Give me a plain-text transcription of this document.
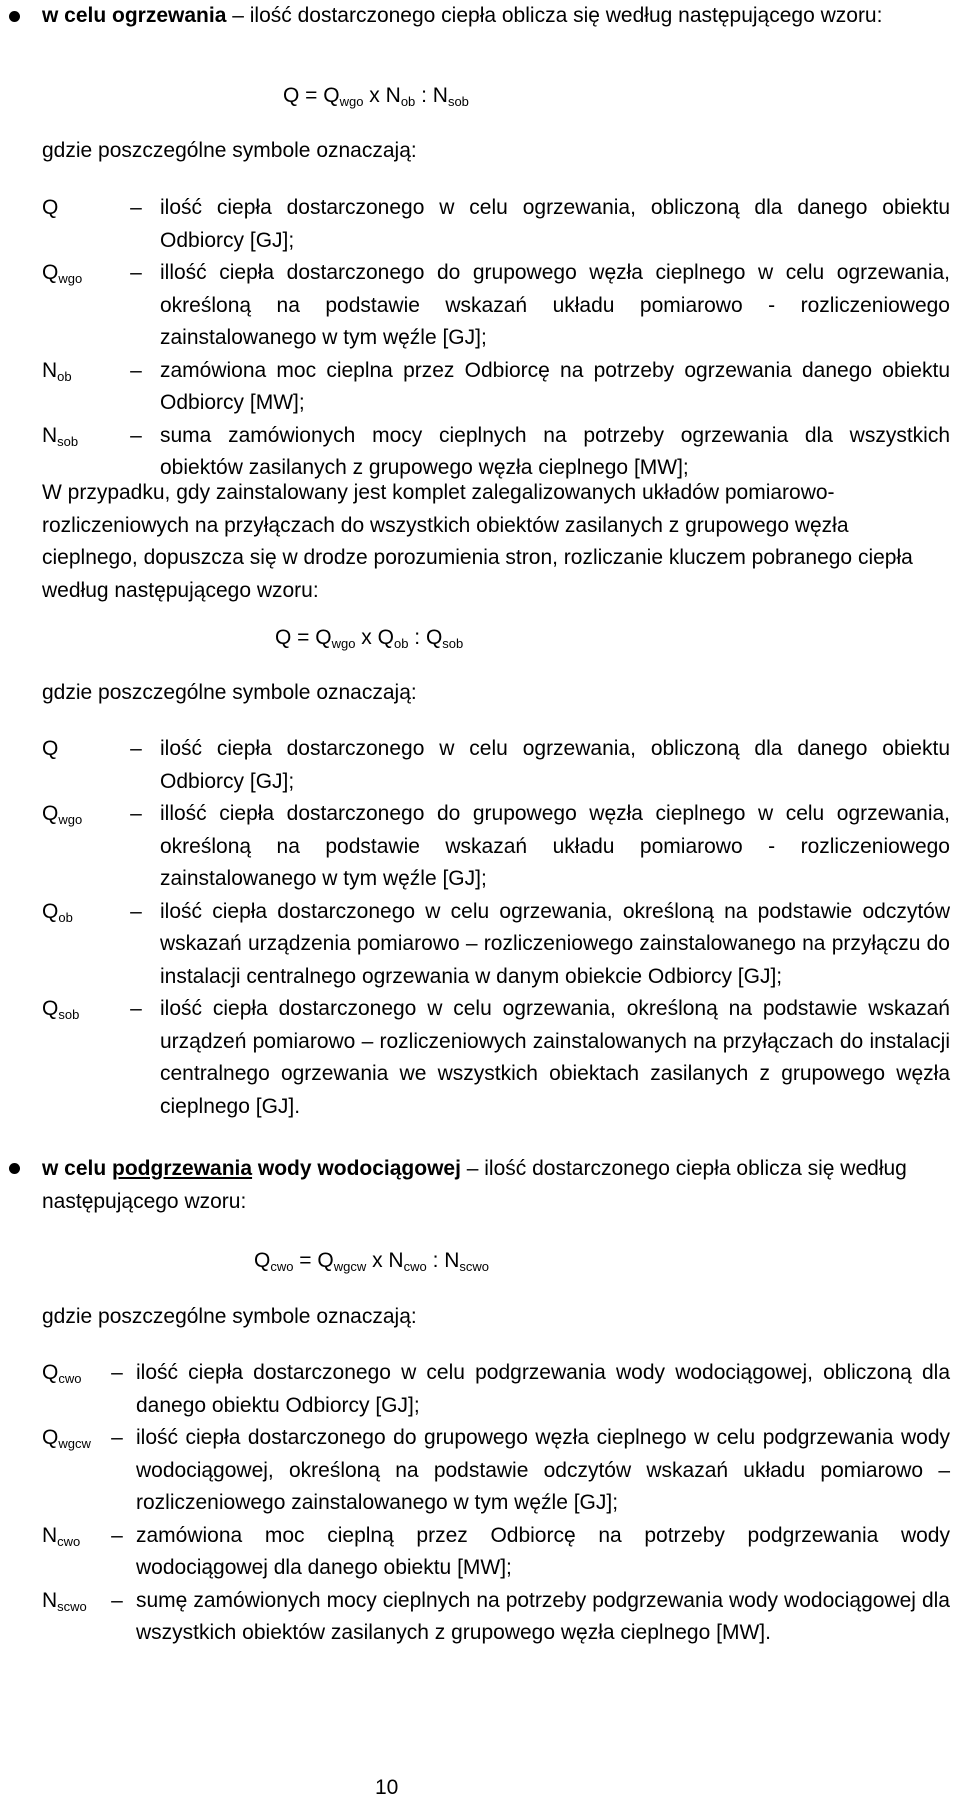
w celu ogrzewania – ilość dostarczonego ciepła oblicza się według następującego wzoru:
$Q = Q_{wgo}$ x $N_{ob}$ : $N_{sob}$
gdzie poszczególne symbole oznaczają:
Q	– ilość ciepła dostarczonego w celu ogrzewania, obliczoną dla danego obiektu Odbiorcy [GJ];
$Q_{wgo}$	– illość ciepła dostarczonego do grupowego węzła cieplnego w celu ogrzewania, określoną na podstawie wskazań układu pomiarowo - rozliczeniowego zainstalowanego w tym węźle [GJ];
$N_{ob}$	– zamówiona moc cieplna przez Odbiorcę na potrzeby ogrzewania danego obiektu Odbiorcy [MW];
$N_{sob}$	– suma zamówionych mocy cieplnych na potrzeby ogrzewania dla wszystkich obiektów zasilanych z grupowego węzła cieplnego [MW];
W przypadku, gdy zainstalowany jest komplet zalegalizowanych układów pomiarowo-rozliczeniowych na przyłączach do wszystkich obiektów zasilanych z grupowego węzła cieplnego, dopuszcza się w drodze porozumienia stron, rozliczanie kluczem pobranego ciepła według następującego wzoru:
$Q = Q_{wgo}$ x $Q_{ob}$ : $Q_{sob}$
gdzie poszczególne symbole oznaczają:
Q	– ilość ciepła dostarczonego w celu ogrzewania, obliczoną dla danego obiektu Odbiorcy [GJ];
$Q_{wgo}$	– illość ciepła dostarczonego do grupowego węzła cieplnego w celu ogrzewania, określoną na podstawie wskazań układu pomiarowo - rozliczeniowego zainstalowanego w tym węźle [GJ];
$Q_{ob}$	– ilość ciepła dostarczonego w celu ogrzewania, określoną na podstawie odczytów wskazań urządzenia pomiarowo – rozliczeniowego zainstalowanego na przyłączu do instalacji centralnego ogrzewania w danym obiekcie Odbiorcy [GJ];
$Q_{sob}$	– ilość ciepła dostarczonego w celu ogrzewania, określoną na podstawie wskazań urządzeń pomiarowo – rozliczeniowych zainstalowanych na przyłączach do instalacji centralnego ogrzewania we wszystkich obiektach zasilanych z grupowego węzła cieplnego [GJ].
w celu podgrzewania wody wodociągowej – ilość dostarczonego ciepła oblicza się według następującego wzoru:
$Q_{cwo} = Q_{wgcw}$ x $N_{cwo}$ : $N_{scwo}$
gdzie poszczególne symbole oznaczają:
$Q_{cwo}$	– ilość ciepła dostarczonego w celu podgrzewania wody wodociągowej, obliczoną dla danego obiektu Odbiorcy [GJ];
$Q_{wgcw}$ – ilość ciepła dostarczonego do grupowego węzła cieplnego w celu podgrzewania wody wodociągowej, określoną na podstawie odczytów wskazań układu pomiarowo – rozliczeniowego zainstalowanego w tym węźle [GJ];
$N_{cwo}$	– zamówiona moc cieplną przez Odbiorcę na potrzeby podgrzewania wody wodociągowej dla danego obiektu [MW];
$N_{scwo}$	– sumę zamówionych mocy cieplnych na potrzeby podgrzewania wody wodociągowej dla wszystkich obiektów zasilanych z grupowego węzła cieplnego [MW].
10
